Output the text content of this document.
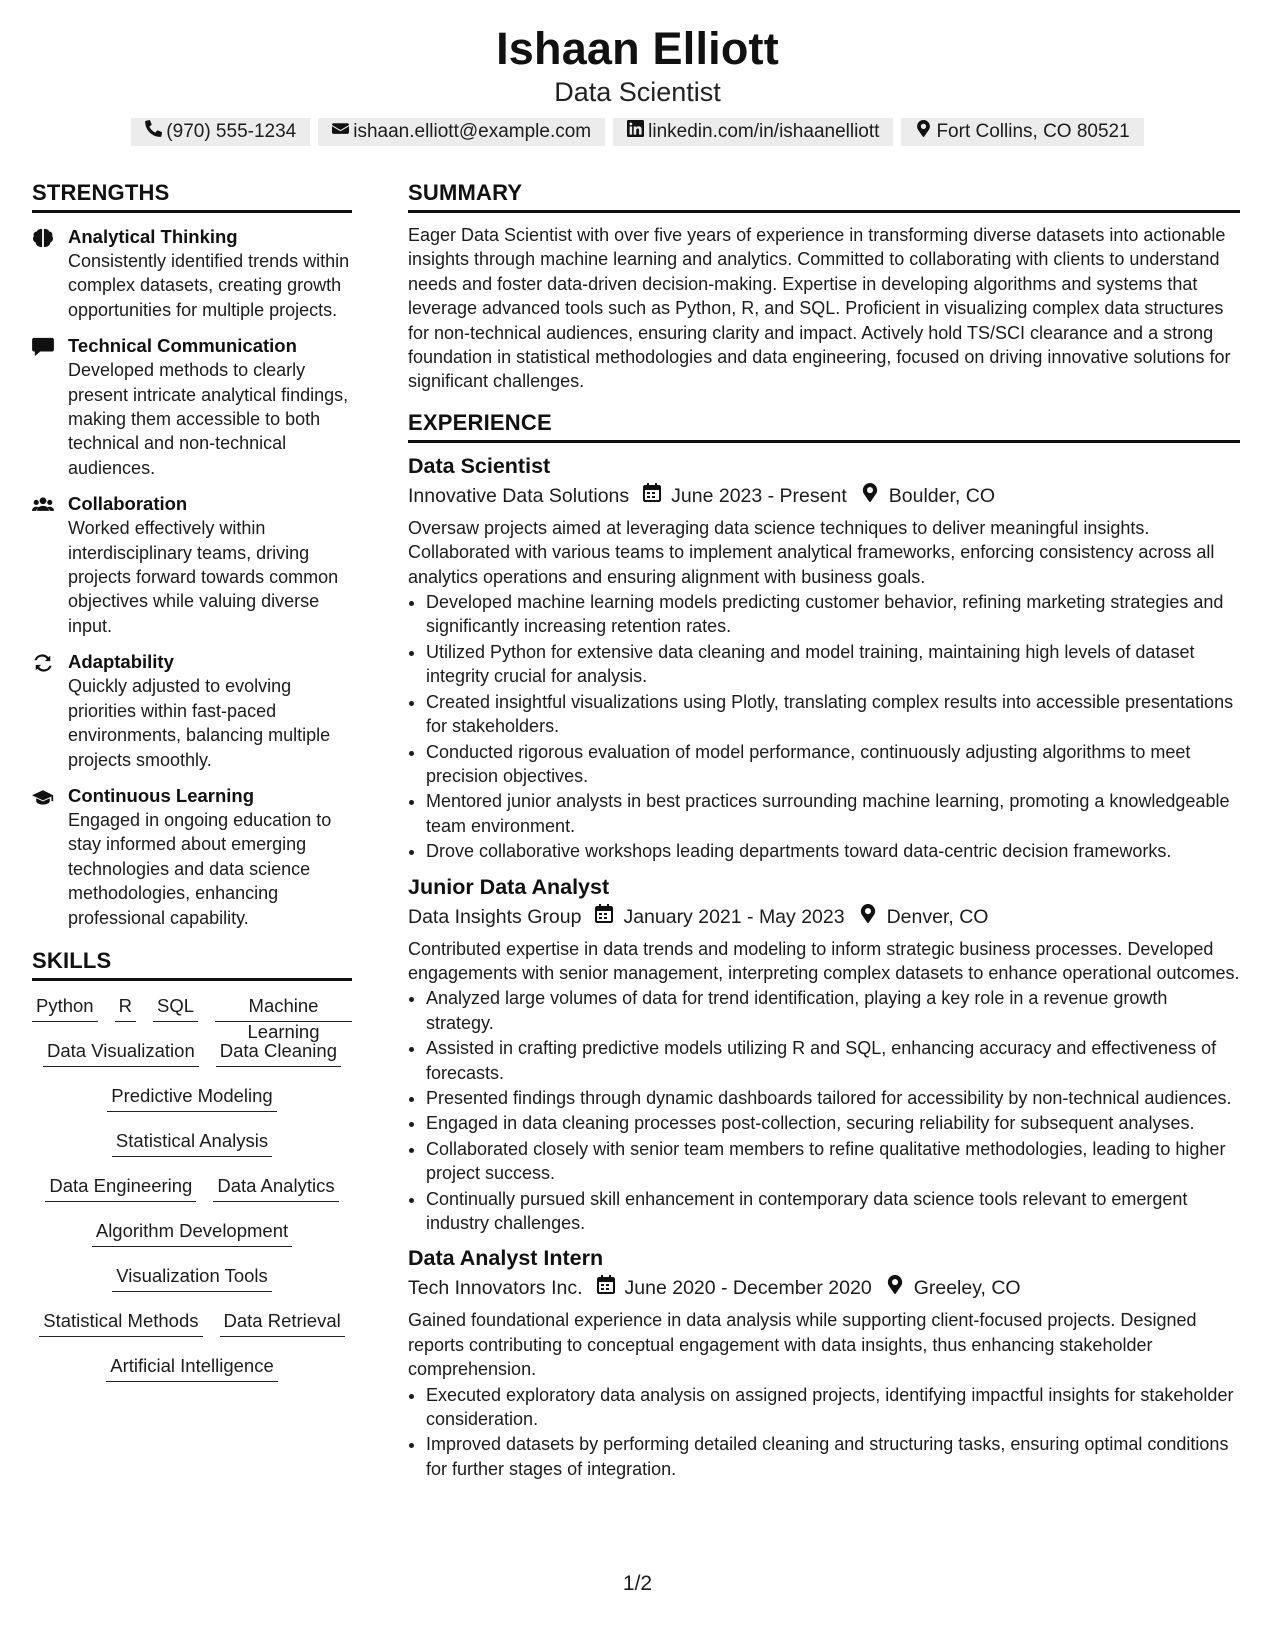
Ishaan Elliott
Data Scientist
(970) 555-1234	ishaan.elliott@example.com	linkedin.com/in/ishaanelliott	Fort Collins, CO 80521
STRENGTHS
Analytical Thinking
Consistently identified trends within complex datasets, creating growth opportunities for multiple projects.
Technical Communication
Developed methods to clearly present intricate analytical findings, making them accessible to both technical and non-technical audiences.
Collaboration
Worked effectively within interdisciplinary teams, driving projects forward towards common objectives while valuing diverse input.
Adaptability
Quickly adjusted to evolving priorities within fast-paced environments, balancing multiple projects smoothly.
Continuous Learning
Engaged in ongoing education to stay informed about emerging technologies and data science methodologies, enhancing professional capability.
SKILLS
Python R SQL	Machine Learning
Data Visualization Data Cleaning
Predictive Modeling
Statistical Analysis
Data Engineering Data Analytics
Algorithm Development
Visualization Tools
Statistical Methods Data Retrieval
Artificial Intelligence
SUMMARY
Eager Data Scientist with over five years of experience in transforming diverse datasets into actionable insights through machine learning and analytics. Committed to collaborating with clients to understand needs and foster data-driven decision-making. Expertise in developing algorithms and systems that leverage advanced tools such as Python, R, and SQL. Proficient in visualizing complex data structures for non-technical audiences, ensuring clarity and impact. Actively hold TS/SCI clearance and a strong foundation in statistical methodologies and data engineering, focused on driving innovative solutions for significant challenges.
EXPERIENCE
Data Scientist
Innovative Data Solutions June 2023 - Present Boulder, CO
Oversaw projects aimed at leveraging data science techniques to deliver meaningful insights. Collaborated with various teams to implement analytical frameworks, enforcing consistency across all analytics operations and ensuring alignment with business goals.
• Developed machine learning models predicting customer behavior, refining marketing strategies and significantly increasing retention rates.
• Utilized Python for extensive data cleaning and model training, maintaining high levels of dataset integrity crucial for analysis.
• Created insightful visualizations using Plotly, translating complex results into accessible presentations for stakeholders.
• Conducted rigorous evaluation of model performance, continuously adjusting algorithms to meet precision objectives.
• Mentored junior analysts in best practices surrounding machine learning, promoting a knowledgeable team environment.
• Drove collaborative workshops leading departments toward data-centric decision frameworks.
Junior Data Analyst
Data Insights Group January 2021 - May 2023 Denver, CO
Contributed expertise in data trends and modeling to inform strategic business processes. Developed engagements with senior management, interpreting complex datasets to enhance operational outcomes.
• Analyzed large volumes of data for trend identification, playing a key role in a revenue growth strategy.
• Assisted in crafting predictive models utilizing R and SQL, enhancing accuracy and effectiveness of forecasts.
• Presented findings through dynamic dashboards tailored for accessibility by non-technical audiences.
• Engaged in data cleaning processes post-collection, securing reliability for subsequent analyses.
• Collaborated closely with senior team members to refine qualitative methodologies, leading to higher project success.
• Continually pursued skill enhancement in contemporary data science tools relevant to emergent industry challenges.
Data Analyst Intern
Tech Innovators Inc. June 2020 - December 2020 Greeley, CO
Gained foundational experience in data analysis while supporting client-focused projects. Designed reports contributing to conceptual engagement with data insights, thus enhancing stakeholder comprehension.
• Executed exploratory data analysis on assigned projects, identifying impactful insights for stakeholder consideration.
• Improved datasets by performing detailed cleaning and structuring tasks, ensuring optimal conditions for further stages of integration.
1/2
